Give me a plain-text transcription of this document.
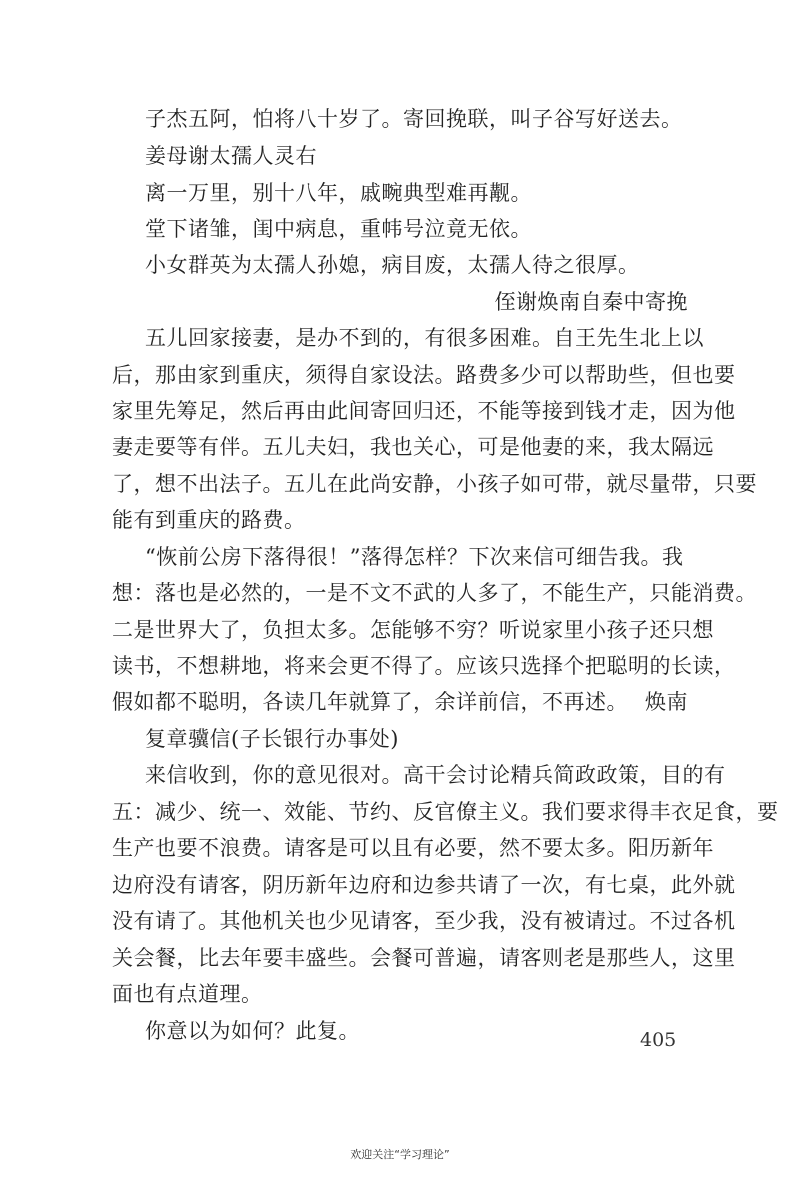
子杰五阿，怕将八十岁了。寄回挽联，叫子谷写好送去。
姜母谢太孺人灵右
离一万里，别十八年，戚畹典型难再觏。
堂下诸雏，闺中病息，重帏号泣竟无依。
小女群英为太孺人孙媳，病目废，太孺人待之很厚。
侄谢焕南自秦中寄挽
五儿回家接妻，是办不到的，有很多困难。自王先生北上以
后，那由家到重庆，须得自家设法。路费多少可以帮助些，但也要
家里先筹足，然后再由此间寄回归还，不能等接到钱才走，因为他
妻走要等有伴。五儿夫妇，我也关心，可是他妻的来，我太隔远
了，想不出法子。五儿在此尚安静，小孩子如可带，就尽量带，只要
能有到重庆的路费。
“恢前公房下落得很！”落得怎样？下次来信可细告我。我
想：落也是必然的，一是不文不武的人多了，不能生产，只能消费。
二是世界大了，负担太多。怎能够不穷？听说家里小孩子还只想
读书，不想耕地，将来会更不得了。应该只选择个把聪明的长读，
假如都不聪明，各读几年就算了，余详前信，不再述。 焕南
复章骥信(子长银行办事处)
来信收到，你的意见很对。高干会讨论精兵简政政策，目的有
五：减少、统一、效能、节约、反官僚主义。我们要求得丰衣足食，要
生产也要不浪费。请客是可以且有必要，然不要太多。阳历新年
边府没有请客，阴历新年边府和边参共请了一次，有七桌，此外就
没有请了。其他机关也少见请客，至少我，没有被请过。不过各机
关会餐，比去年要丰盛些。会餐可普遍，请客则老是那些人，这里
面也有点道理。
你意以为如何？此复。	405
欢迎关注“学习理论”
